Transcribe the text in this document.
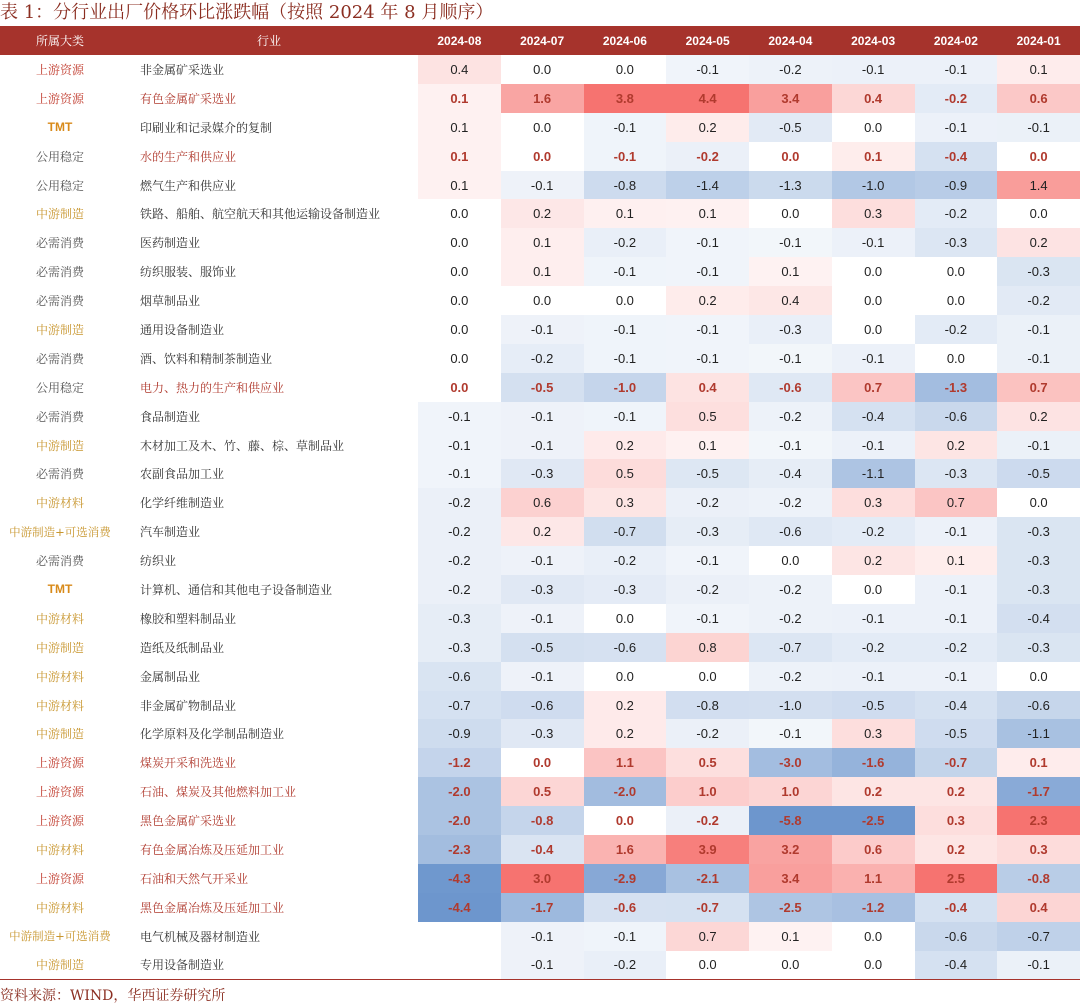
表 1：分行业出厂价格环比涨跌幅（按照 2024 年 8 月顺序）
所属大类	行业	2024-08	2024-07	2024-06	2024-05	2024-04	2024-03	2024-02	2024-01
上游资源	非金属矿采选业	0.4	0.0	0.0	-0.1	-0.2	-0.1	-0.1	0.1
上游资源	有色金属矿采选业	0.1	1.6	3.8	4.4	3.4	0.4	-0.2	0.6
TMT	印刷业和记录媒介的复制	0.1	0.0	-0.1	0.2	-0.5	0.0	-0.1	-0.1
公用稳定	水的生产和供应业	0.1	0.0	-0.1	-0.2	0.0	0.1	-0.4	0.0
公用稳定	燃气生产和供应业	0.1	-0.1	-0.8	-1.4	-1.3	-1.0	-0.9	1.4
中游制造	铁路、船舶、航空航天和其他运输设备制造业	0.0	0.2	0.1	0.1	0.0	0.3	-0.2	0.0
必需消费	医药制造业	0.0	0.1	-0.2	-0.1	-0.1	-0.1	-0.3	0.2
必需消费	纺织服装、服饰业	0.0	0.1	-0.1	-0.1	0.1	0.0	0.0	-0.3
必需消费	烟草制品业	0.0	0.0	0.0	0.2	0.4	0.0	0.0	-0.2
中游制造	通用设备制造业	0.0	-0.1	-0.1	-0.1	-0.3	0.0	-0.2	-0.1
必需消费	酒、饮料和精制茶制造业	0.0	-0.2	-0.1	-0.1	-0.1	-0.1	0.0	-0.1
公用稳定	电力、热力的生产和供应业	0.0	-0.5	-1.0	0.4	-0.6	0.7	-1.3	0.7
必需消费	食品制造业	-0.1	-0.1	-0.1	0.5	-0.2	-0.4	-0.6	0.2
中游制造	木材加工及木、竹、藤、棕、草制品业	-0.1	-0.1	0.2	0.1	-0.1	-0.1	0.2	-0.1
必需消费	农副食品加工业	-0.1	-0.3	0.5	-0.5	-0.4	-1.1	-0.3	-0.5
中游材料	化学纤维制造业	-0.2	0.6	0.3	-0.2	-0.2	0.3	0.7	0.0
中游制造+可选消费	汽车制造业	-0.2	0.2	-0.7	-0.3	-0.6	-0.2	-0.1	-0.3
必需消费	纺织业	-0.2	-0.1	-0.2	-0.1	0.0	0.2	0.1	-0.3
TMT	计算机、通信和其他电子设备制造业	-0.2	-0.3	-0.3	-0.2	-0.2	0.0	-0.1	-0.3
中游材料	橡胶和塑料制品业	-0.3	-0.1	0.0	-0.1	-0.2	-0.1	-0.1	-0.4
中游制造	造纸及纸制品业	-0.3	-0.5	-0.6	0.8	-0.7	-0.2	-0.2	-0.3
中游材料	金属制品业	-0.6	-0.1	0.0	0.0	-0.2	-0.1	-0.1	0.0
中游材料	非金属矿物制品业	-0.7	-0.6	0.2	-0.8	-1.0	-0.5	-0.4	-0.6
中游制造	化学原料及化学制品制造业	-0.9	-0.3	0.2	-0.2	-0.1	0.3	-0.5	-1.1
上游资源	煤炭开采和洗选业	-1.2	0.0	1.1	0.5	-3.0	-1.6	-0.7	0.1
上游资源	石油、煤炭及其他燃料加工业	-2.0	0.5	-2.0	1.0	1.0	0.2	0.2	-1.7
上游资源	黑色金属矿采选业	-2.0	-0.8	0.0	-0.2	-5.8	-2.5	0.3	2.3
中游材料	有色金属冶炼及压延加工业	-2.3	-0.4	1.6	3.9	3.2	0.6	0.2	0.3
上游资源	石油和天然气开采业	-4.3	3.0	-2.9	-2.1	3.4	1.1	2.5	-0.8
中游材料	黑色金属冶炼及压延加工业	-4.4	-1.7	-0.6	-0.7	-2.5	-1.2	-0.4	0.4
中游制造+可选消费	电气机械及器材制造业		-0.1	-0.1	0.7	0.1	0.0	-0.6	-0.7
中游制造	专用设备制造业		-0.1	-0.2	0.0	0.0	0.0	-0.4	-0.1
资料来源：WIND，华西证券研究所
